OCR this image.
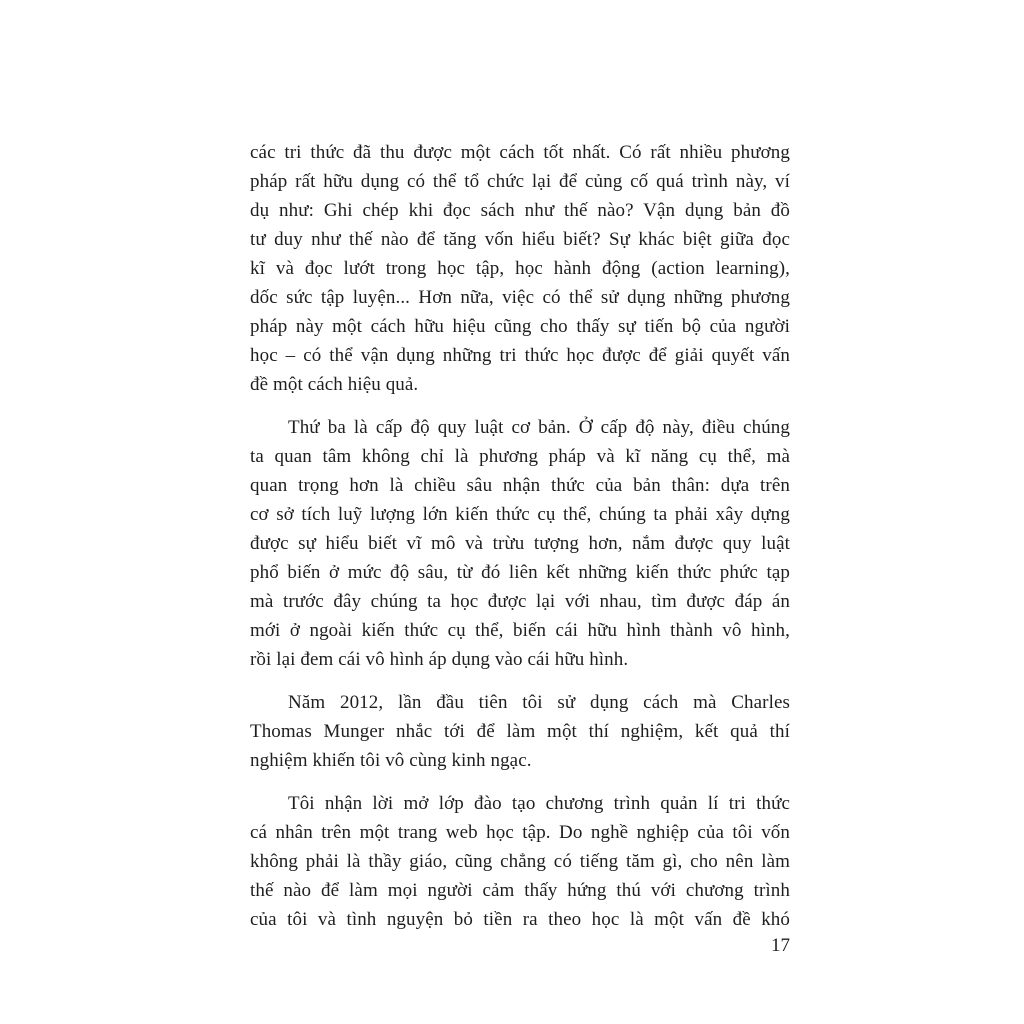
các tri thức đã thu được một cách tốt nhất. Có rất nhiều phương
pháp rất hữu dụng có thể tổ chức lại để củng cố quá trình này, ví
dụ như: Ghi chép khi đọc sách như thế nào? Vận dụng bản đồ
tư duy như thế nào để tăng vốn hiểu biết? Sự khác biệt giữa đọc
kĩ và đọc lướt trong học tập, học hành động (action learning),
dốc sức tập luyện... Hơn nữa, việc có thể sử dụng những phương
pháp này một cách hữu hiệu cũng cho thấy sự tiến bộ của người
học – có thể vận dụng những tri thức học được để giải quyết vấn
đề một cách hiệu quả.

Thứ ba là cấp độ quy luật cơ bản. Ở cấp độ này, điều chúng
ta quan tâm không chỉ là phương pháp và kĩ năng cụ thể, mà
quan trọng hơn là chiều sâu nhận thức của bản thân: dựa trên
cơ sở tích luỹ lượng lớn kiến thức cụ thể, chúng ta phải xây dựng
được sự hiểu biết vĩ mô và trừu tượng hơn, nắm được quy luật
phổ biến ở mức độ sâu, từ đó liên kết những kiến thức phức tạp
mà trước đây chúng ta học được lại với nhau, tìm được đáp án
mới ở ngoài kiến thức cụ thể, biến cái hữu hình thành vô hình,
rồi lại đem cái vô hình áp dụng vào cái hữu hình.

Năm 2012, lần đầu tiên tôi sử dụng cách mà Charles
Thomas Munger nhắc tới để làm một thí nghiệm, kết quả thí
nghiệm khiến tôi vô cùng kinh ngạc.

Tôi nhận lời mở lớp đào tạo chương trình quản lí tri thức
cá nhân trên một trang web học tập. Do nghề nghiệp của tôi vốn
không phải là thầy giáo, cũng chẳng có tiếng tăm gì, cho nên làm
thế nào để làm mọi người cảm thấy hứng thú với chương trình
của tôi và tình nguyện bỏ tiền ra theo học là một vấn đề khó

17
